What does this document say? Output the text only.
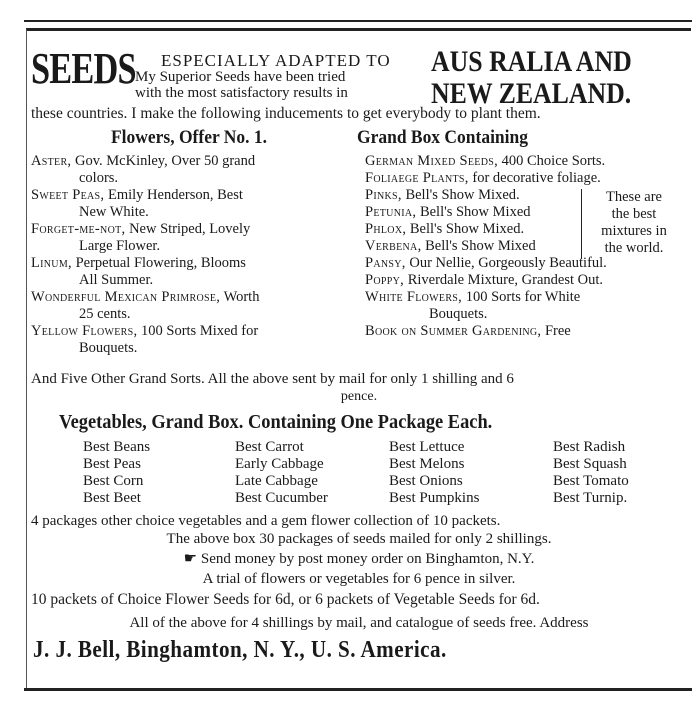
SEEDS ESPECIALLY ADAPTED TO
My Superior Seeds have been tried
with the most satisfactory results in
AUS RALIA AND
NEW ZEALAND.
these countries. I make the following inducements to get everybody to plant them.
Flowers, Offer No. 1.	Grand Box Containing
Aster, Gov. McKinley, Over 50 grand
colors.
Sweet Peas, Emily Henderson, Best
New White.
Forget-me-not, New Striped, Lovely
Large Flower.
Linum, Perpetual Flowering, Blooms
All Summer.
Wonderful Mexican Primrose, Worth
25 cents.
Yellow Flowers, 100 Sorts Mixed for
Bouquets.
German Mixed Seeds, 400 Choice Sorts.
Foliaege Plants, for decorative foliage.
Pinks, Bell's Show Mixed.
Petunia, Bell's Show Mixed
Phlox, Bell's Show Mixed.
Verbena, Bell's Show Mixed
Pansy, Our Nellie, Gorgeously Beautiful.
Poppy, Riverdale Mixture, Grandest Out.
White Flowers, 100 Sorts for White
Bouquets.
Book on Summer Gardening, Free
These are
the best
mixtures in
the world.
And Five Other Grand Sorts. All the above sent by mail for only 1 shilling and 6
pence.
Vegetables, Grand Box. Containing One Package Each.
Best Beans
Best Peas
Best Corn
Best Beet
Best Carrot
Early Cabbage
Late Cabbage
Best Cucumber
Best Lettuce
Best Melons
Best Onions
Best Pumpkins
Best Radish
Best Squash
Best Tomato
Best Turnip.
4 packages other choice vegetables and a gem flower collection of 10 packets.
The above box 30 packages of seeds mailed for only 2 shillings.
☛ Send money by post money order on Binghamton, N.Y.
A trial of flowers or vegetables for 6 pence in silver.
10 packets of Choice Flower Seeds for 6d, or 6 packets of Vegetable Seeds for 6d.
All of the above for 4 shillings by mail, and catalogue of seeds free. Address
J. J. Bell, Binghamton, N. Y., U. S. America.
